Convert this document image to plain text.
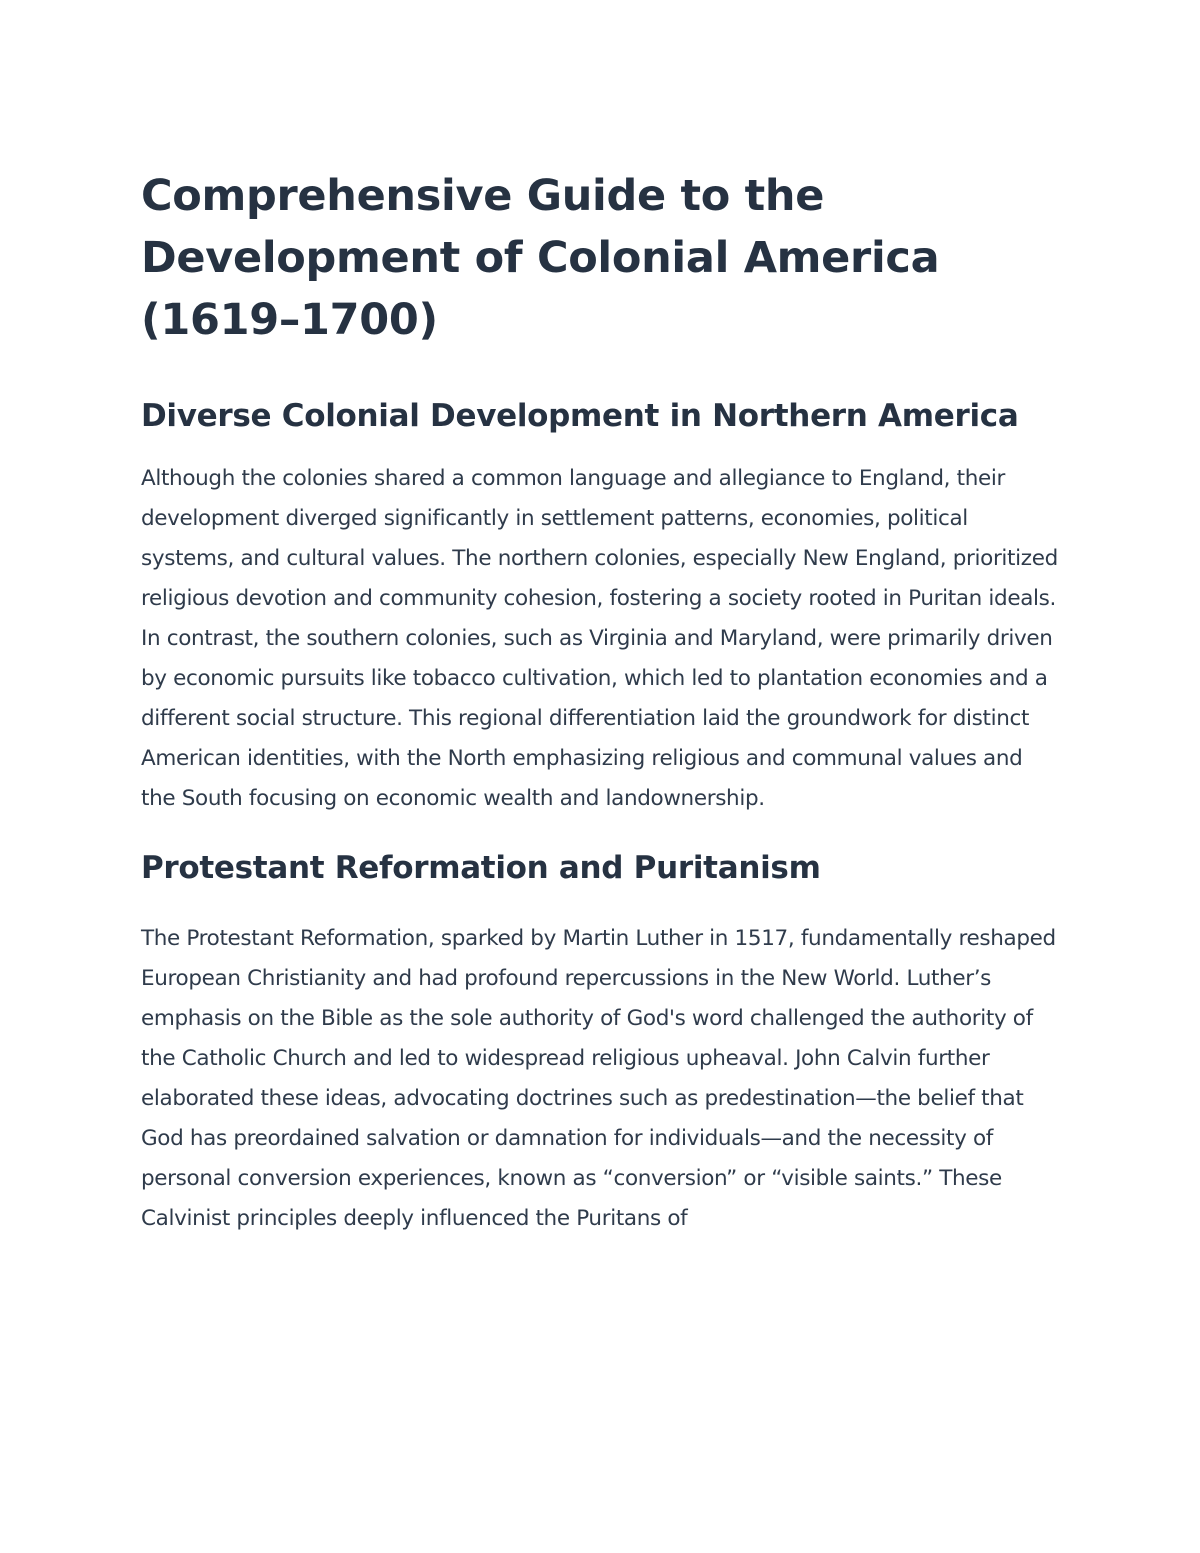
Comprehensive Guide to the Development of Colonial America (1619–1700)
Diverse Colonial Development in Northern America

Although the colonies shared a common language and allegiance to England, their development diverged significantly in settlement patterns, economies, political systems, and cultural values. The northern colonies, especially New England, prioritized religious devotion and community cohesion, fostering a society rooted in Puritan ideals. In contrast, the southern colonies, such as Virginia and Maryland, were primarily driven by economic pursuits like tobacco cultivation, which led to plantation economies and a different social structure. This regional differentiation laid the groundwork for distinct American identities, with the North emphasizing religious and communal values and the South focusing on economic wealth and landownership.

Protestant Reformation and Puritanism

The Protestant Reformation, sparked by Martin Luther in 1517, fundamentally reshaped European Christianity and had profound repercussions in the New World. Luther’s emphasis on the Bible as the sole authority of God's word challenged the authority of the Catholic Church and led to widespread religious upheaval. John Calvin further elaborated these ideas, advocating doctrines such as predestination—the belief that God has preordained salvation or damnation for individuals—and the necessity of personal conversion experiences, known as “conversion” or “visible saints.” These Calvinist principles deeply influenced the Puritans of
